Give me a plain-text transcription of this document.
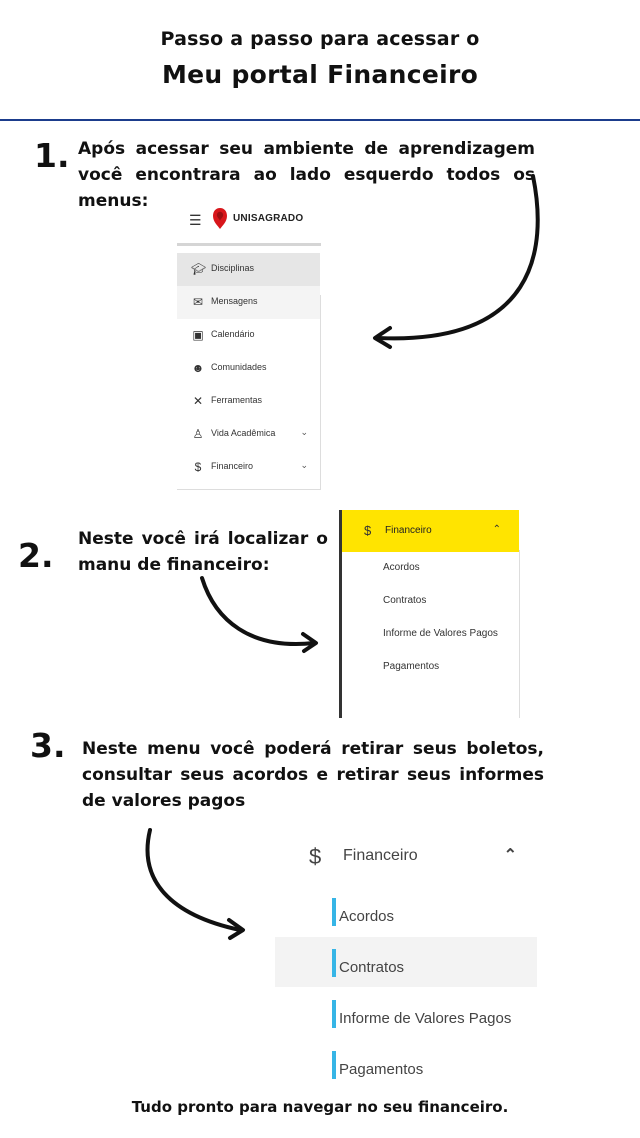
Passo a passo para acessar o
Meu portal Financeiro
1. Após acessar seu ambiente de aprendizagem você encontrara ao lado esquerdo todos os menus:
☰	UNISAGRADO
🎓︎ Disciplinas
✉ Mensagens
▣ Calendário
☻ Comunidades
✕ Ferramentas
♙ Vida Acadêmica	⌄
$	Financeiro	⌄
2. Neste você irá localizar o manu de financeiro:
$ Financeiro	⌃
Acordos
Contratos
Informe de Valores Pagos
Pagamentos
3. Neste menu você poderá retirar seus boletos, consultar seus acordos e retirar seus informes de valores pagos
$ Financeiro	⌃
Acordos
Contratos
Informe de Valores Pagos
Pagamentos
Tudo pronto para navegar no seu financeiro.
